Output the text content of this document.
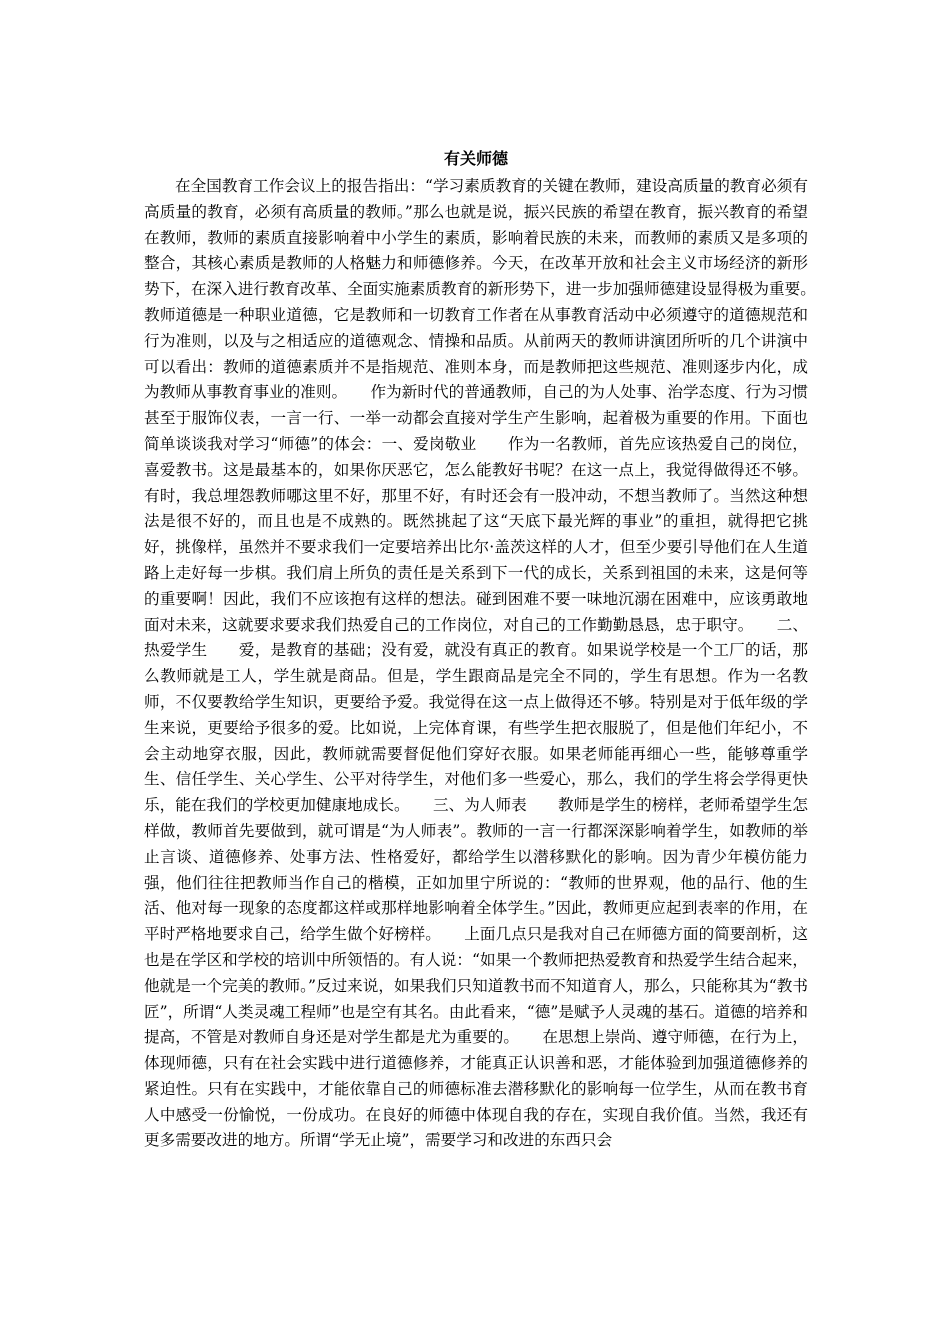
有关师德

在全国教育工作会议上的报告指出：“学习素质教育的关键在教师，建设高质量的教育必须有高质量的教育，必须有高质量的教师。”那么也就是说，振兴民族的希望在教育，振兴教育的希望在教师，教师的素质直接影响着中小学生的素质，影响着民族的未来，而教师的素质又是多项的整合，其核心素质是教师的人格魅力和师德修养。今天，在改革开放和社会主义市场经济的新形势下，在深入进行教育改革、全面实施素质教育的新形势下，进一步加强师德建设显得极为重要。　　教师道德是一种职业道德，它是教师和一切教育工作者在从事教育活动中必须遵守的道德规范和行为准则，以及与之相适应的道德观念、情操和品质。从前两天的教师讲演团所听的几个讲演中可以看出：教师的道德素质并不是指规范、准则本身，而是教师把这些规范、准则逐步内化，成为教师从事教育事业的准则。　　作为新时代的普通教师，自己的为人处事、治学态度、行为习惯甚至于服饰仪表，一言一行、一举一动都会直接对学生产生影响，起着极为重要的作用。下面也简单谈谈我对学习“师德”的体会：一、爱岗敬业　　作为一名教师，首先应该热爱自己的岗位，喜爱教书。这是最基本的，如果你厌恶它，怎么能教好书呢？在这一点上，我觉得做得还不够。有时，我总埋怨教师哪这里不好，那里不好，有时还会有一股冲动，不想当教师了。当然这种想法是很不好的，而且也是不成熟的。既然挑起了这“天底下最光辉的事业”的重担，就得把它挑好，挑像样，虽然并不要求我们一定要培养出比尔·盖茨这样的人才，但至少要引导他们在人生道路上走好每一步棋。我们肩上所负的责任是关系到下一代的成长，关系到祖国的未来，这是何等的重要啊！因此，我们不应该抱有这样的想法。碰到困难不要一味地沉溺在困难中，应该勇敢地面对未来，这就要求要求我们热爱自己的工作岗位，对自己的工作勤勤恳恳，忠于职守。　　二、热爱学生　　爱，是教育的基础；没有爱，就没有真正的教育。如果说学校是一个工厂的话，那么教师就是工人，学生就是商品。但是，学生跟商品是完全不同的，学生有思想。作为一名教师，不仅要教给学生知识，更要给予爱。我觉得在这一点上做得还不够。特别是对于低年级的学生来说，更要给予很多的爱。比如说，上完体育课，有些学生把衣服脱了，但是他们年纪小，不会主动地穿衣服，因此，教师就需要督促他们穿好衣服。如果老师能再细心一些，能够尊重学生、信任学生、关心学生、公平对待学生，对他们多一些爱心，那么，我们的学生将会学得更快乐，能在我们的学校更加健康地成长。　　三、为人师表　　教师是学生的榜样，老师希望学生怎样做，教师首先要做到，就可谓是“为人师表”。教师的一言一行都深深影响着学生，如教师的举止言谈、道德修养、处事方法、性格爱好，都给学生以潜移默化的影响。因为青少年模仿能力强，他们往往把教师当作自己的楷模，正如加里宁所说的：“教师的世界观，他的品行、他的生活、他对每一现象的态度都这样或那样地影响着全体学生。”因此，教师更应起到表率的作用，在平时严格地要求自己，给学生做个好榜样。　　上面几点只是我对自己在师德方面的简要剖析，这也是在学区和学校的培训中所领悟的。有人说：“如果一个教师把热爱教育和热爱学生结合起来，他就是一个完美的教师。”反过来说，如果我们只知道教书而不知道育人，那么，只能称其为“教书匠”，所谓“人类灵魂工程师”也是空有其名。由此看来，“德”是赋予人灵魂的基石。道德的培养和提高，不管是对教师自身还是对学生都是尤为重要的。　　在思想上崇尚、遵守师德，在行为上，体现师德，只有在社会实践中进行道德修养，才能真正认识善和恶，才能体验到加强道德修养的紧迫性。只有在实践中，才能依靠自己的师德标准去潜移默化的影响每一位学生，从而在教书育人中感受一份愉悦，一份成功。在良好的师德中体现自我的存在，实现自我价值。当然，我还有更多需要改进的地方。所谓“学无止境”，需要学习和改进的东西只会
